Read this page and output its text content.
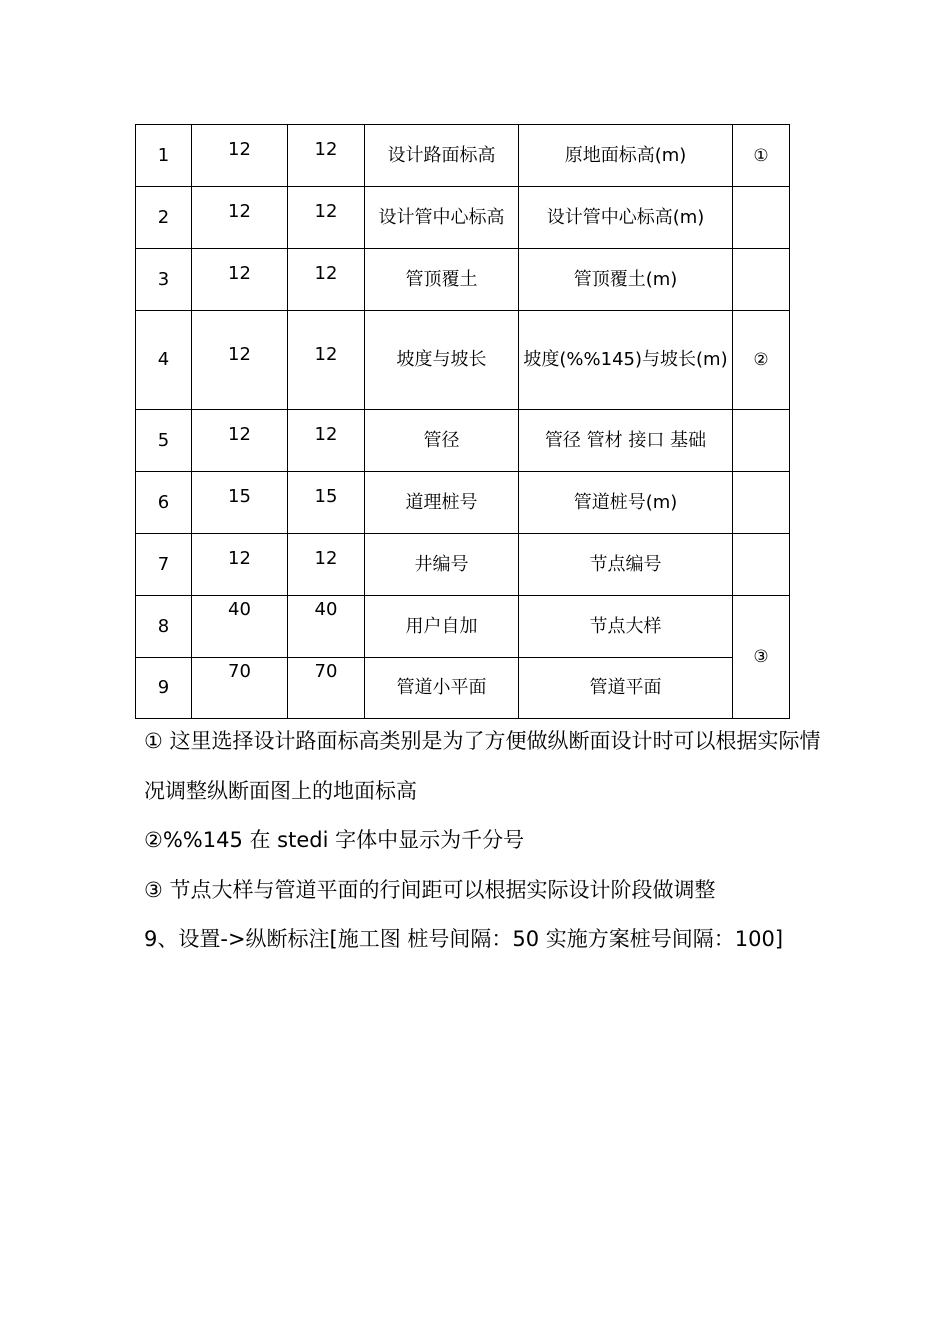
1	12	12	设计路面标高	原地面标高(m)	①
2	12	12	设计管中心标高	设计管中心标高(m)	
3	12	12	管顶覆土	管顶覆土(m)	
4	12	12	坡度与坡长	坡度(%%145)与坡长(m)	②
5	12	12	管径	管径 管材 接口 基础	
6	15	15	道理桩号	管道桩号(m)	
7	12	12	井编号	节点编号	
8	40	40	用户自加	节点大样	③
9	70	70	管道小平面	管道平面	

① 这里选择设计路面标高类别是为了方便做纵断面设计时可以根据实际情况调整纵断面图上的地面标高

②%%145 在 stedi 字体中显示为千分号

③ 节点大样与管道平面的行间距可以根据实际设计阶段做调整

9、设置->纵断标注[施工图 桩号间隔：50 实施方案桩号间隔：100]
